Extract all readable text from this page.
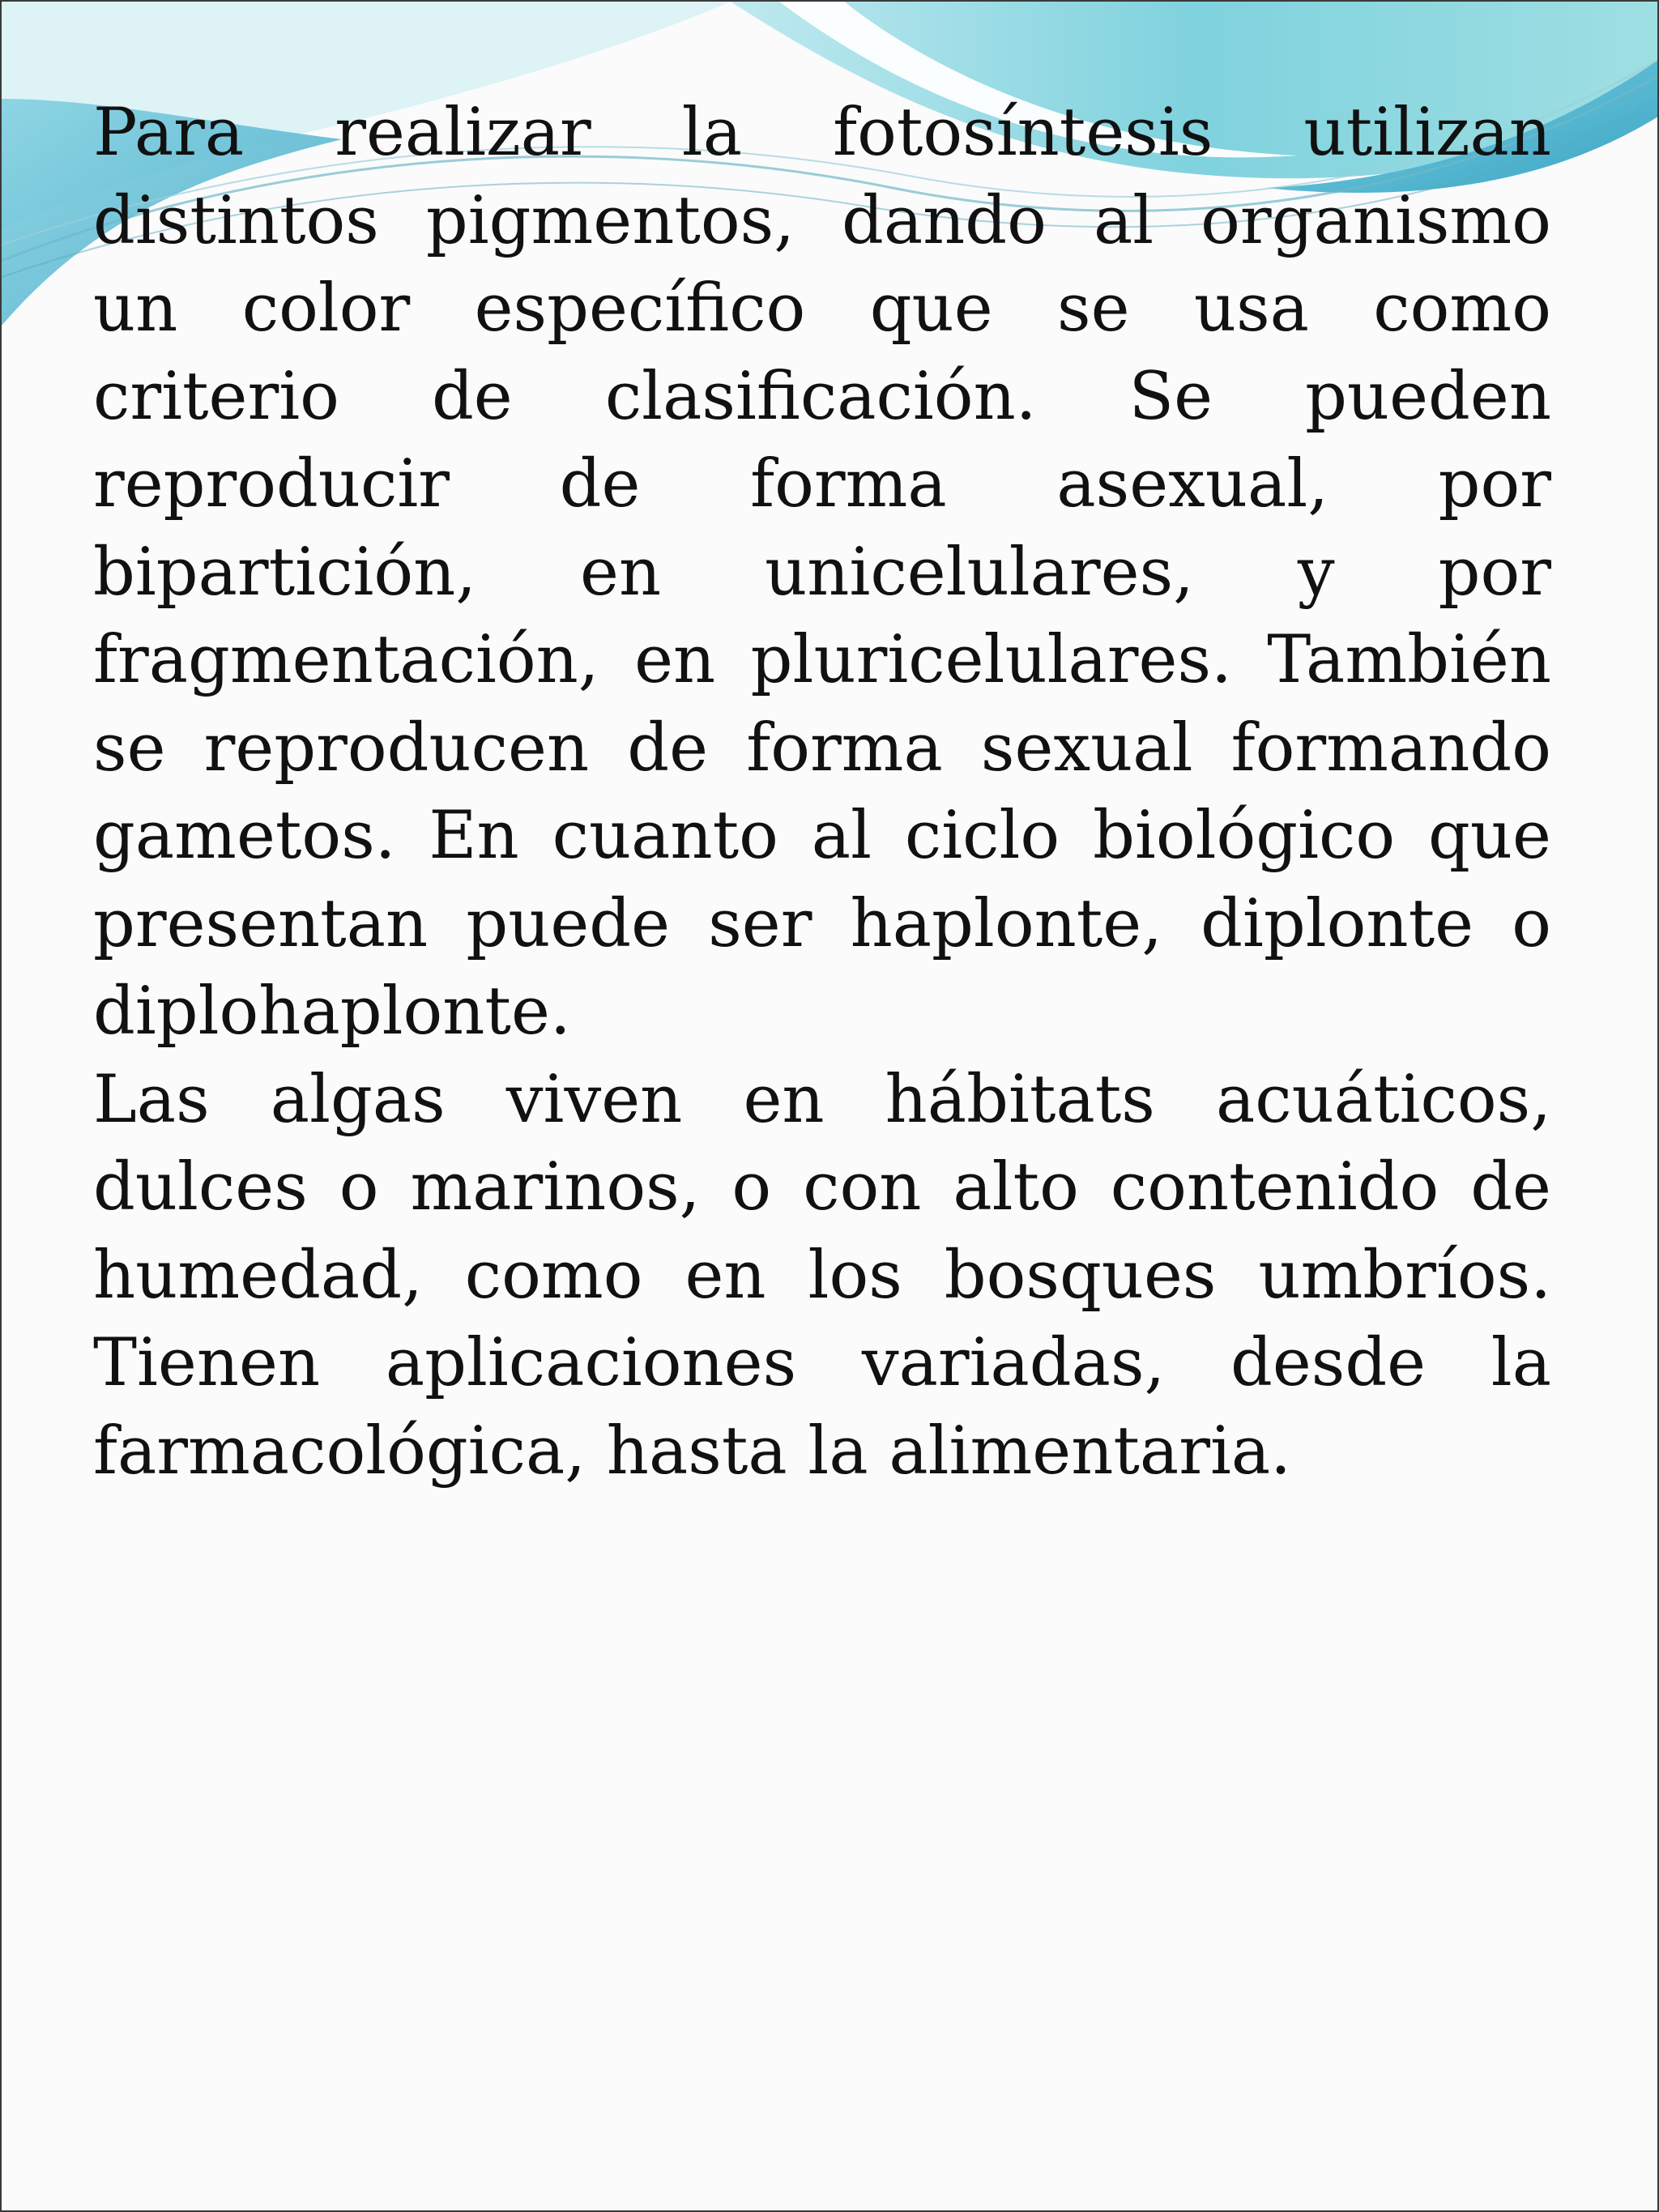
Para realizar la fotosíntesis utilizan distintos pigmentos, dando al organismo un color específico que se usa como criterio de clasificación. Se pueden reproducir de forma asexual, por bipartición, en unicelulares, y por fragmentación, en pluricelulares. También se reproducen de forma sexual formando gametos. En cuanto al ciclo biológico que presentan puede ser haplonte, diplonte o diplohaplonte.

Las algas viven en hábitats acuáticos, dulces o marinos, o con alto contenido de humedad, como en los bosques umbríos. Tienen aplicaciones variadas, desde la farmacológica, hasta la alimentaria.
